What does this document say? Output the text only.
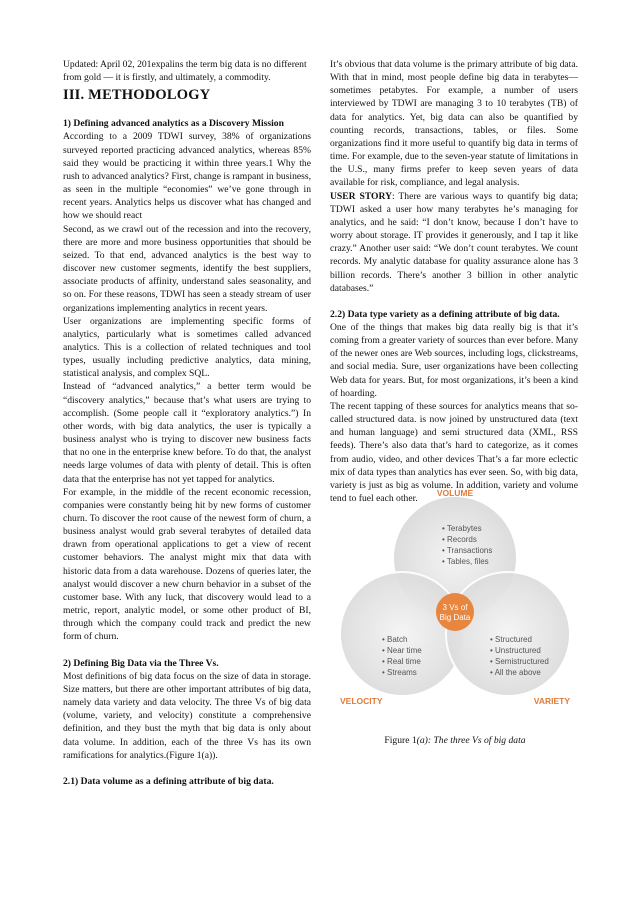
Updated: April 02, 201expalins the term big data is no different from gold — it is firstly, and ultimately, a commodity.

III. METHODOLOGY
1) Defining advanced analytics as a Discovery Mission

According to a 2009 TDWI survey, 38% of organizations surveyed reported practicing advanced analytics, whereas 85% said they would be practicing it within three years.1 Why the rush to advanced analytics? First, change is rampant in business, as seen in the multiple “economies” we’ve gone through in recent years. Analytics helps us discover what has changed and how we should react

Second, as we crawl out of the recession and into the recovery, there are more and more business opportunities that should be seized. To that end, advanced analytics is the best way to discover new customer segments, identify the best suppliers, associate products of affinity, understand sales seasonality, and so on. For these reasons, TDWI has seen a steady stream of user organizations implementing analytics in recent years.

User organizations are implementing specific forms of analytics, particularly what is sometimes called advanced analytics. This is a collection of related techniques and tool types, usually including predictive analytics, data mining, statistical analysis, and complex SQL.

Instead of “advanced analytics,” a better term would be “discovery analytics,” because that’s what users are trying to accomplish. (Some people call it “exploratory analytics.”) In other words, with big data analytics, the user is typically a business analyst who is trying to discover new business facts that no one in the enterprise knew before. To do that, the analyst needs large volumes of data with plenty of detail. This is often data that the enterprise has not yet tapped for analytics.

For example, in the middle of the recent economic recession, companies were constantly being hit by new forms of customer churn. To discover the root cause of the newest form of churn, a business analyst would grab several terabytes of detailed data drawn from operational applications to get a view of recent customer behaviors. The analyst might mix that data with historic data from a data warehouse. Dozens of queries later, the analyst would discover a new churn behavior in a subset of the customer base. With any luck, that discovery would lead to a metric, report, analytic model, or some other product of BI, through which the company could track and predict the new form of churn.

2) Defining Big Data via the Three Vs.

Most definitions of big data focus on the size of data in storage. Size matters, but there are other important attributes of big data, namely data variety and data velocity. The three Vs of big data (volume, variety, and velocity) constitute a comprehensive definition, and they bust the myth that big data is only about data volume. In addition, each of the three Vs has its own ramifications for analytics.(Figure 1(a)).

2.1) Data volume as a defining attribute of big data.

It’s obvious that data volume is the primary attribute of big data. With that in mind, most people define big data in terabytes—sometimes petabytes. For example, a number of users interviewed by TDWI are managing 3 to 10 terabytes (TB) of data for analytics. Yet, big data can also be quantified by counting records, transactions, tables, or files. Some organizations find it more useful to quantify big data in terms of time. For example, due to the seven-year statute of limitations in the U.S., many firms prefer to keep seven years of data available for risk, compliance, and legal analysis.

USER STORY: There are various ways to quantify big data; TDWI asked a user how many terabytes he’s managing for analytics, and he said: “I don’t know, because I don’t have to worry about storage. IT provides it generously, and I tap it like crazy.” Another user said: “We don’t count terabytes. We count records. My analytic database for quality assurance alone has 3 billion records. There’s another 3 billion in other analytic databases.”

2.2) Data type variety as a defining attribute of big data.

One of the things that makes big data really big is that it’s coming from a greater variety of sources than ever before. Many of the newer ones are Web sources, including logs, clickstreams, and social media. Sure, user organizations have been collecting Web data for years. But, for most organizations, it’s been a kind of hoarding.

The recent tapping of these sources for analytics means that so-called structured data. is now joined by unstructured data (text and human language) and semi structured data (XML, RSS feeds). There’s also data that’s hard to categorize, as it comes from audio, video, and other devices That’s a far more eclectic mix of data types than analytics has ever seen. So, with big data, variety is just as big as volume. In addition, variety and volume tend to fuel each other.	VOLUME
VELOCITY	VARIETY
3 Vs of
Big Data
• Terabytes
• Records
• Transactions
• Tables, files
• Batch
• Near time
• Real time
• Streams
• Structured
• Unstructured
• Semistructured
• All the above
Figure 1(a): The three Vs of big data
